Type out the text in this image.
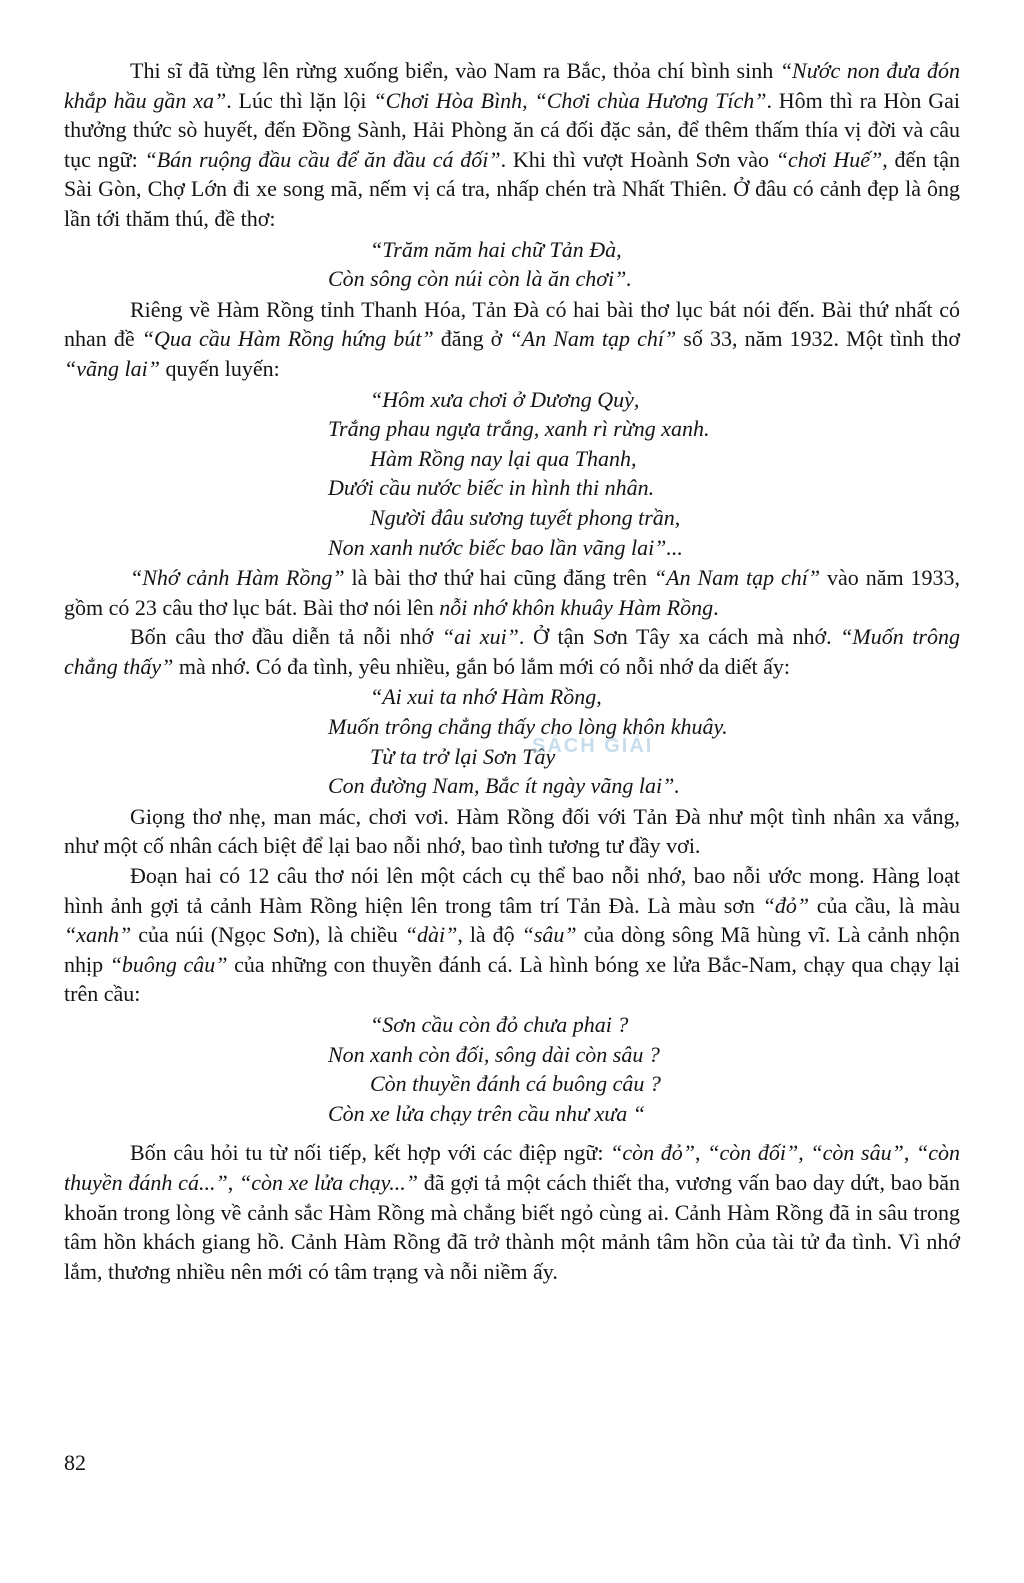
Thi sĩ đã từng lên rừng xuống biển, vào Nam ra Bắc, thỏa chí bình sinh “Nước non đưa đón khắp hầu gần xa”. Lúc thì lặn lội “Chơi Hòa Bình, “Chơi chùa Hương Tích”. Hôm thì ra Hòn Gai thưởng thức sò huyết, đến Đồng Sành, Hải Phòng ăn cá đối đặc sản, để thêm thấm thía vị đời và câu tục ngữ: “Bán ruộng đầu cầu để ăn đầu cá đối”. Khi thì vượt Hoành Sơn vào “chơi Huế”, đến tận Sài Gòn, Chợ Lớn đi xe song mã, nếm vị cá tra, nhấp chén trà Nhất Thiên. Ở đâu có cảnh đẹp là ông lần tới thăm thú, đề thơ:

“Trăm năm hai chữ Tản Đà,
Còn sông còn núi còn là ăn chơi”.

Riêng về Hàm Rồng tỉnh Thanh Hóa, Tản Đà có hai bài thơ lục bát nói đến. Bài thứ nhất có nhan đề “Qua cầu Hàm Rồng hứng bút” đăng ở “An Nam tạp chí” số 33, năm 1932. Một tình thơ “vãng lai” quyến luyến:

“Hôm xưa chơi ở Dương Quỳ,
Trắng phau ngựa trắng, xanh rì rừng xanh.
Hàm Rồng nay lại qua Thanh,
Dưới cầu nước biếc in hình thi nhân.
Người đâu sương tuyết phong trần,
Non xanh nước biếc bao lần vãng lai”...

“Nhớ cảnh Hàm Rồng” là bài thơ thứ hai cũng đăng trên “An Nam tạp chí” vào năm 1933, gồm có 23 câu thơ lục bát. Bài thơ nói lên nỗi nhớ khôn khuây Hàm Rồng.

Bốn câu thơ đầu diễn tả nỗi nhớ “ai xui”. Ở tận Sơn Tây xa cách mà nhớ. “Muốn trông chẳng thấy” mà nhớ. Có đa tình, yêu nhiều, gắn bó lắm mới có nỗi nhớ da diết ấy:

“Ai xui ta nhớ Hàm Rồng,
Muốn trông chẳng thấy cho lòng khôn khuây.
Từ ta trở lại Sơn Tây
Con đường Nam, Bắc ít ngày vãng lai”.

Giọng thơ nhẹ, man mác, chơi vơi. Hàm Rồng đối với Tản Đà như một tình nhân xa vắng, như một cố nhân cách biệt để lại bao nỗi nhớ, bao tình tương tư đầy vơi.

Đoạn hai có 12 câu thơ nói lên một cách cụ thể bao nỗi nhớ, bao nỗi ước mong. Hàng loạt hình ảnh gợi tả cảnh Hàm Rồng hiện lên trong tâm trí Tản Đà. Là màu sơn “đỏ” của cầu, là màu “xanh” của núi (Ngọc Sơn), là chiều “dài”, là độ “sâu” của dòng sông Mã hùng vĩ. Là cảnh nhộn nhịp “buông câu” của những con thuyền đánh cá. Là hình bóng xe lửa Bắc-Nam, chạy qua chạy lại trên cầu:

“Sơn cầu còn đỏ chưa phai ?
Non xanh còn đối, sông dài còn sâu ?
Còn thuyền đánh cá buông câu ?
Còn xe lửa chạy trên cầu như xưa “

Bốn câu hỏi tu từ nối tiếp, kết hợp với các điệp ngữ: “còn đỏ”, “còn đối”, “còn sâu”, “còn thuyền đánh cá...”, “còn xe lửa chạy...” đã gợi tả một cách thiết tha, vương vấn bao day dứt, bao băn khoăn trong lòng về cảnh sắc Hàm Rồng mà chẳng biết ngỏ cùng ai. Cảnh Hàm Rồng đã in sâu trong tâm hồn khách giang hồ. Cảnh Hàm Rồng đã trở thành một mảnh tâm hồn của tài tử đa tình. Vì nhớ lắm, thương nhiều nên mới có tâm trạng và nỗi niềm ấy.

SÁCH GIẢI
82
